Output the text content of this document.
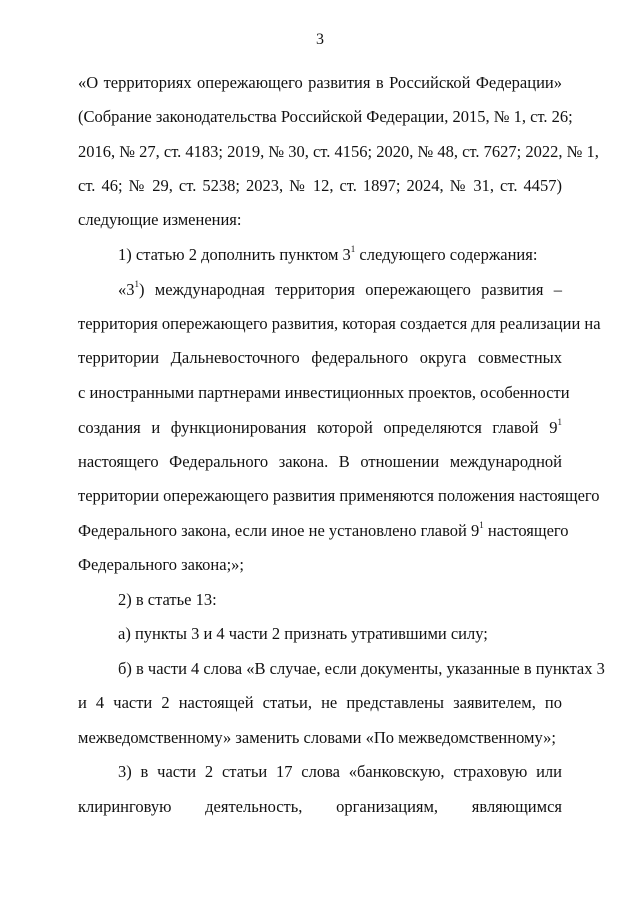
3
«О территориях опережающего развития в Российской Федерации»
(Собрание законодательства Российской Федерации, 2015, № 1, ст. 26;
2016, № 27, ст. 4183; 2019, № 30, ст. 4156; 2020, № 48, ст. 7627; 2022, № 1,
ст. 46; № 29, ст. 5238; 2023, № 12, ст. 1897; 2024, № 31, ст. 4457)
следующие изменения:
1) статью 2 дополнить пунктом $3^1$ следующего содержания:
«$3^1$) международная территория опережающего развития –
территория опережающего развития, которая создается для реализации на
территории Дальневосточного федерального округа совместных
с иностранными партнерами инвестиционных проектов, особенности
создания и функционирования которой определяются главой $9^1$
настоящего Федерального закона. В отношении международной
территории опережающего развития применяются положения настоящего
Федерального закона, если иное не установлено главой $9^1$ настоящего
Федерального закона;»;
2) в статье 13:
а) пункты 3 и 4 части 2 признать утратившими силу;
б) в части 4 слова «В случае, если документы, указанные в пунктах 3
и 4 части 2 настоящей статьи, не представлены заявителем, по
межведомственному» заменить словами «По межведомственному»;
3) в части 2 статьи 17 слова «банковскую, страховую или
клиринговую деятельность, организациям, являющимся
